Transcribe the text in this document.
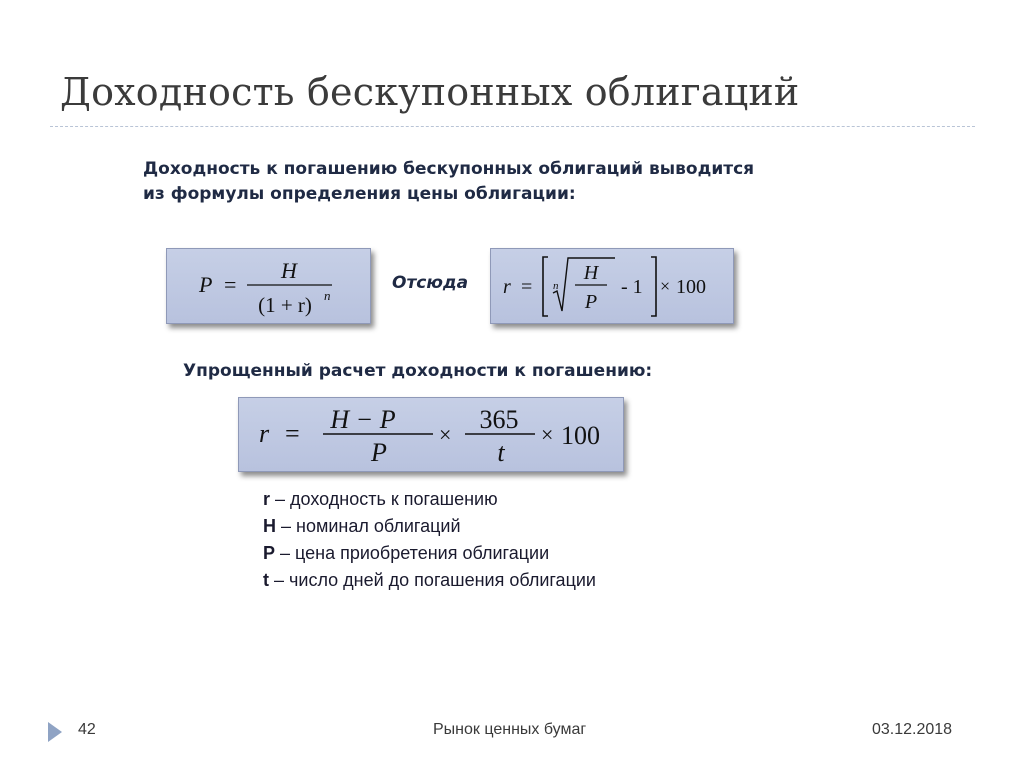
Доходность бескупонных облигаций
Доходность к погашению бескупонных облигаций выводится
из формулы определения цены облигации:
P =
H
(1 + r) n
Отсюда r = n
H
P
- 1 × 100
Упрощенный расчет доходности к погашению:
r = H − P
P
×
365
t
× 100
r – доходность к погашению
H – номинал облигаций
P – цена приобретения облигации
t – число дней до погашения облигации
42	Рынок ценных бумаг	03.12.2018
